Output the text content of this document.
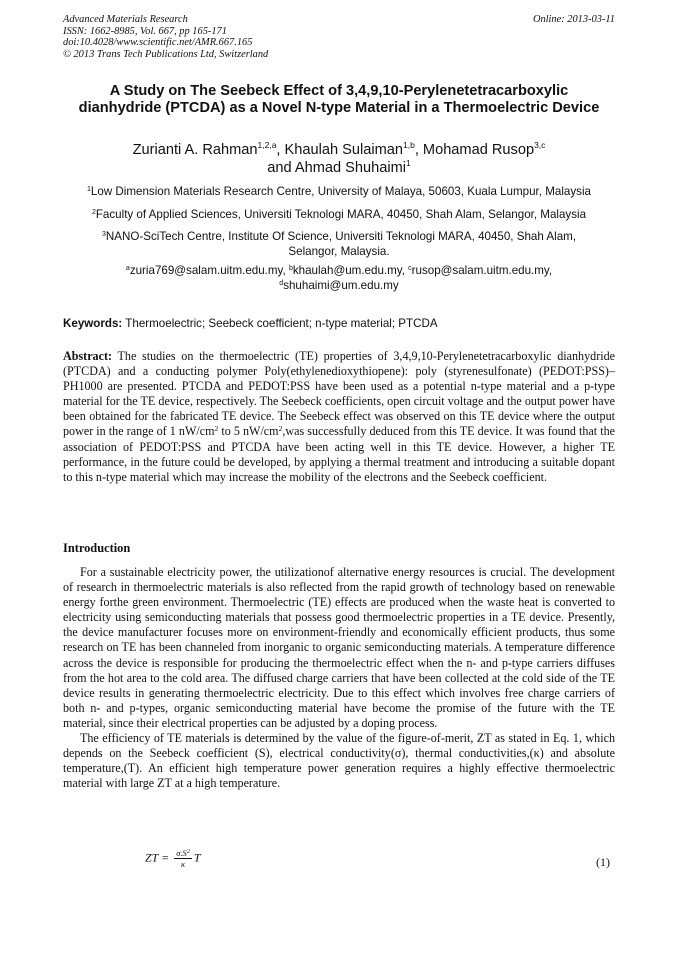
Advanced Materials Research
ISSN: 1662-8985, Vol. 667, pp 165-171
doi:10.4028/www.scientific.net/AMR.667.165
© 2013 Trans Tech Publications Ltd, Switzerland
Online: 2013-03-11
A Study on The Seebeck Effect of 3,4,9,10-Perylenetetracarboxylic dianhydride (PTCDA) as a Novel N-type Material in a Thermoelectric Device
Zurianti A. Rahman$^{1,2,a}$, Khaulah Sulaiman$^{1,b}$, Mohamad Rusop$^{3,c}$
and Ahmad Shuhaimi$^1$
$^1$Low Dimension Materials Research Centre, University of Malaya, 50603, Kuala Lumpur, Malaysia
$^2$Faculty of Applied Sciences, Universiti Teknologi MARA, 40450, Shah Alam, Selangor, Malaysia
$^3$NANO-SciTech Centre, Institute Of Science, Universiti Teknologi MARA, 40450, Shah Alam, Selangor, Malaysia.
$^a$zuria769@salam.uitm.edu.my, $^b$khaulah@um.edu.my, $^c$rusop@salam.uitm.edu.my,
$^d$shuhaimi@um.edu.my
Keywords: Thermoelectric; Seebeck coefficient; n-type material; PTCDA
Abstract: The studies on the thermoelectric (TE) properties of 3,4,9,10-Perylenetetracarboxylic dianhydride (PTCDA) and a conducting polymer Poly(ethylenedioxythiopene): poly (styrenesulfonate) (PEDOT:PSS)–PH1000 are presented. PTCDA and PEDOT:PSS have been used as a potential n-type material and a p-type material for the TE device, respectively. The Seebeck coefficients, open circuit voltage and the output power have been obtained for the fabricated TE device. The Seebeck effect was observed on this TE device where the output power in the range of 1 $nW/cm^2$ to 5 $nW/cm^2,was$ successfully deduced from this TE device. It was found that the association of PEDOT:PSS and PTCDA have been acting well in this TE device. However, a higher TE performance, in the future could be developed, by applying a thermal treatment and introducing a suitable dopant to this n-type material which may increase the mobility of the electrons and the Seebeck coefficient.
Introduction

For a sustainable electricity power, the utilizationof alternative energy resources is crucial. The development of research in thermoelectric materials is also reflected from the rapid growth of technology based on renewable energy forthe green environment. Thermoelectric (TE) effects are produced when the waste heat is converted to electricity using semiconducting materials that possess good thermoelectric properties in a TE device. Presently, the device manufacturer focuses more on environment-friendly and economically efficient products, thus some research on TE has been channeled from inorganic to organic semiconducting materials. A temperature difference across the device is responsible for producing the thermoelectric effect when the n- and p-type carriers diffuses from the hot area to the cold area. The diffused charge carriers that have been collected at the cold side of the TE device results in generating thermoelectric electricity. Due to this effect which involves free charge carriers of both n- and p-types, organic semiconducting material have become the promise of the future with the TE material, since their electrical properties can be adjusted by a doping process.

The efficiency of TE materials is determined by the value of the figure-of-merit, ZT as stated in Eq. 1, which depends on the Seebeck coefficient (S), electrical conductivity(σ), thermal conductivities,(κ) and absolute temperature,(T). An efficient high temperature power generation requires a highly effective thermoelectric material with large ZT at a high temperature.

ZT = $\frac{\sigma.S^2}{\kappa}$ T	(1)
